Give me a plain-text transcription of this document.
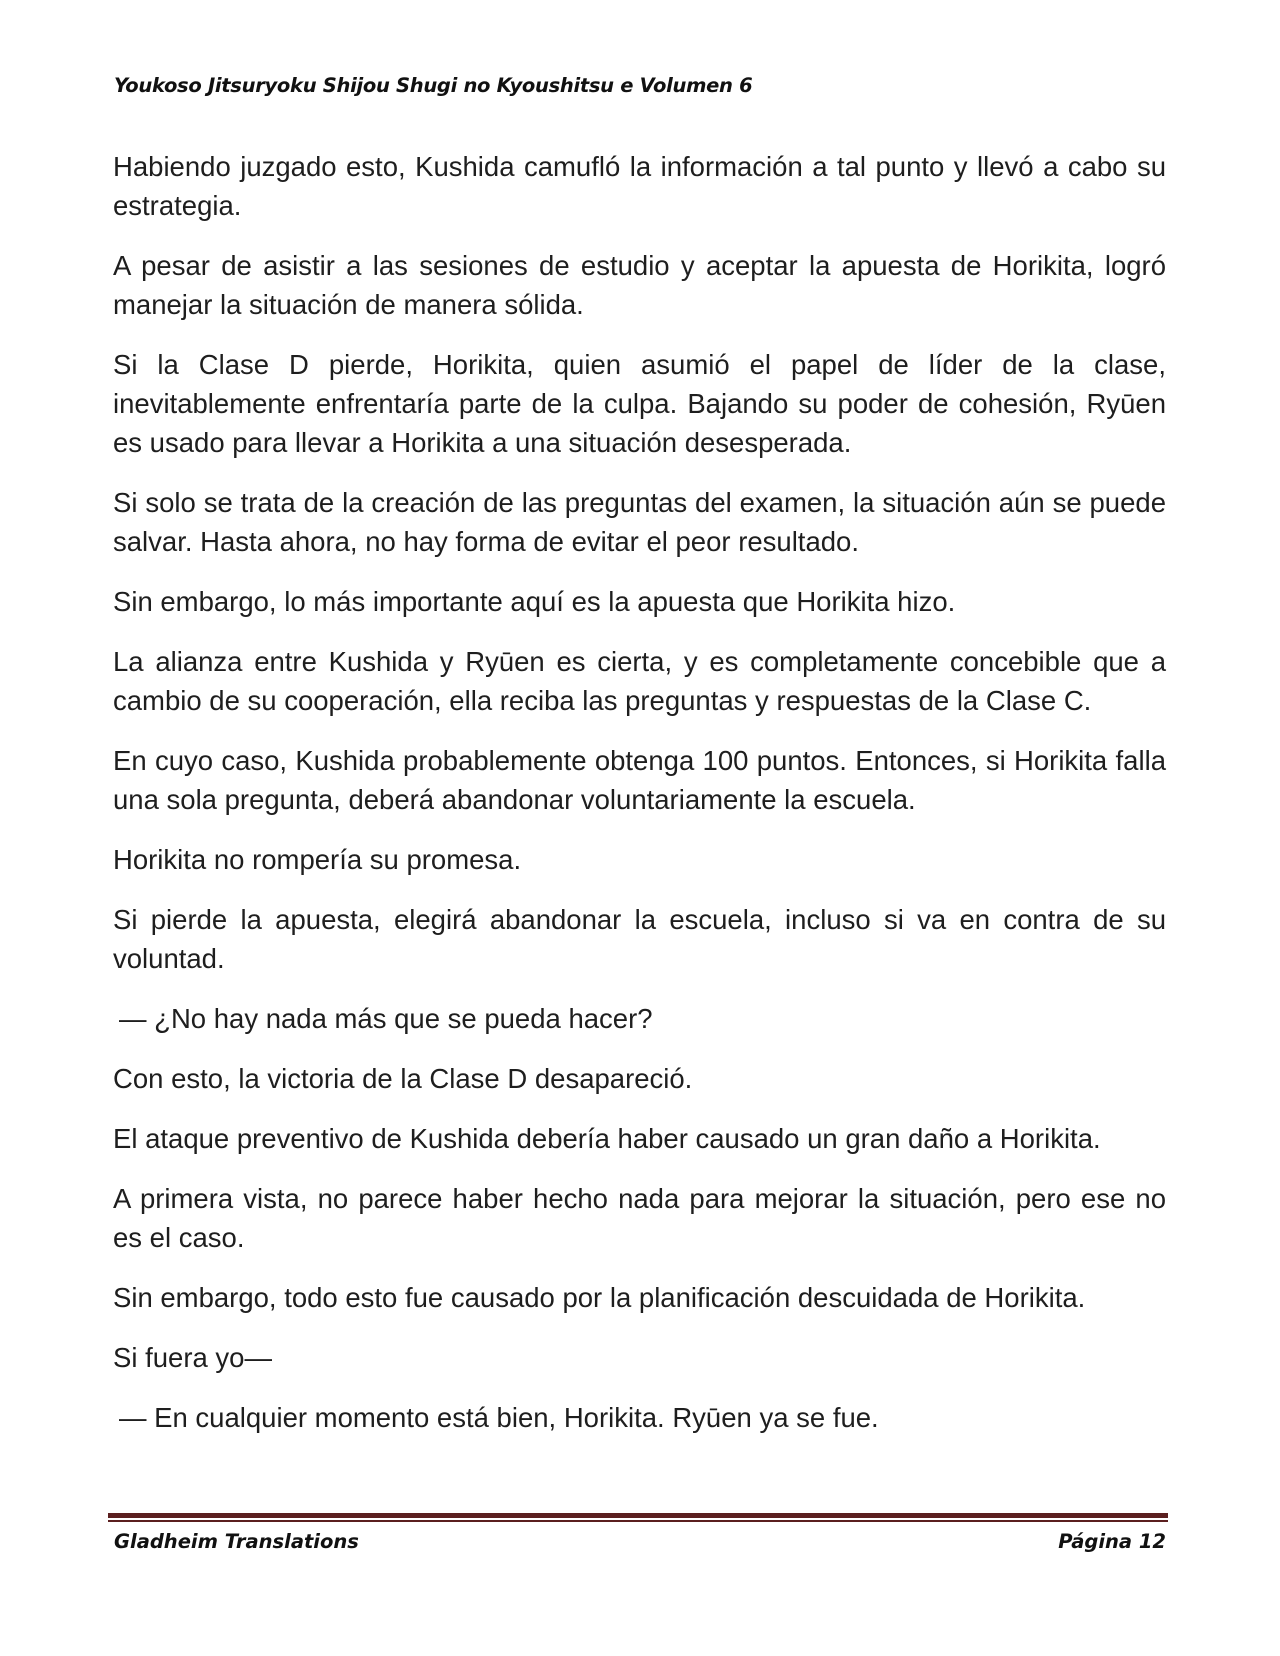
Youkoso Jitsuryoku Shijou Shugi no Kyoushitsu e Volumen 6

Habiendo juzgado esto, Kushida camufló la información a tal punto y llevó a cabo su estrategia.

A pesar de asistir a las sesiones de estudio y aceptar la apuesta de Horikita, logró manejar la situación de manera sólida.

Si la Clase D pierde, Horikita, quien asumió el papel de líder de la clase, inevitablemente enfrentaría parte de la culpa. Bajando su poder de cohesión, Ryūen es usado para llevar a Horikita a una situación desesperada.

Si solo se trata de la creación de las preguntas del examen, la situación aún se puede salvar. Hasta ahora, no hay forma de evitar el peor resultado.

Sin embargo, lo más importante aquí es la apuesta que Horikita hizo.

La alianza entre Kushida y Ryūen es cierta, y es completamente concebible que a cambio de su cooperación, ella reciba las preguntas y respuestas de la Clase C.

En cuyo caso, Kushida probablemente obtenga 100 puntos. Entonces, si Horikita falla una sola pregunta, deberá abandonar voluntariamente la escuela.

Horikita no rompería su promesa.

Si pierde la apuesta, elegirá abandonar la escuela, incluso si va en contra de su voluntad.

— ¿No hay nada más que se pueda hacer?

Con esto, la victoria de la Clase D desapareció.

El ataque preventivo de Kushida debería haber causado un gran daño a Horikita.

A primera vista, no parece haber hecho nada para mejorar la situación, pero ese no es el caso.

Sin embargo, todo esto fue causado por la planificación descuidada de Horikita.

Si fuera yo—

— En cualquier momento está bien, Horikita. Ryūen ya se fue.

Gladheim Translations	Página 12
